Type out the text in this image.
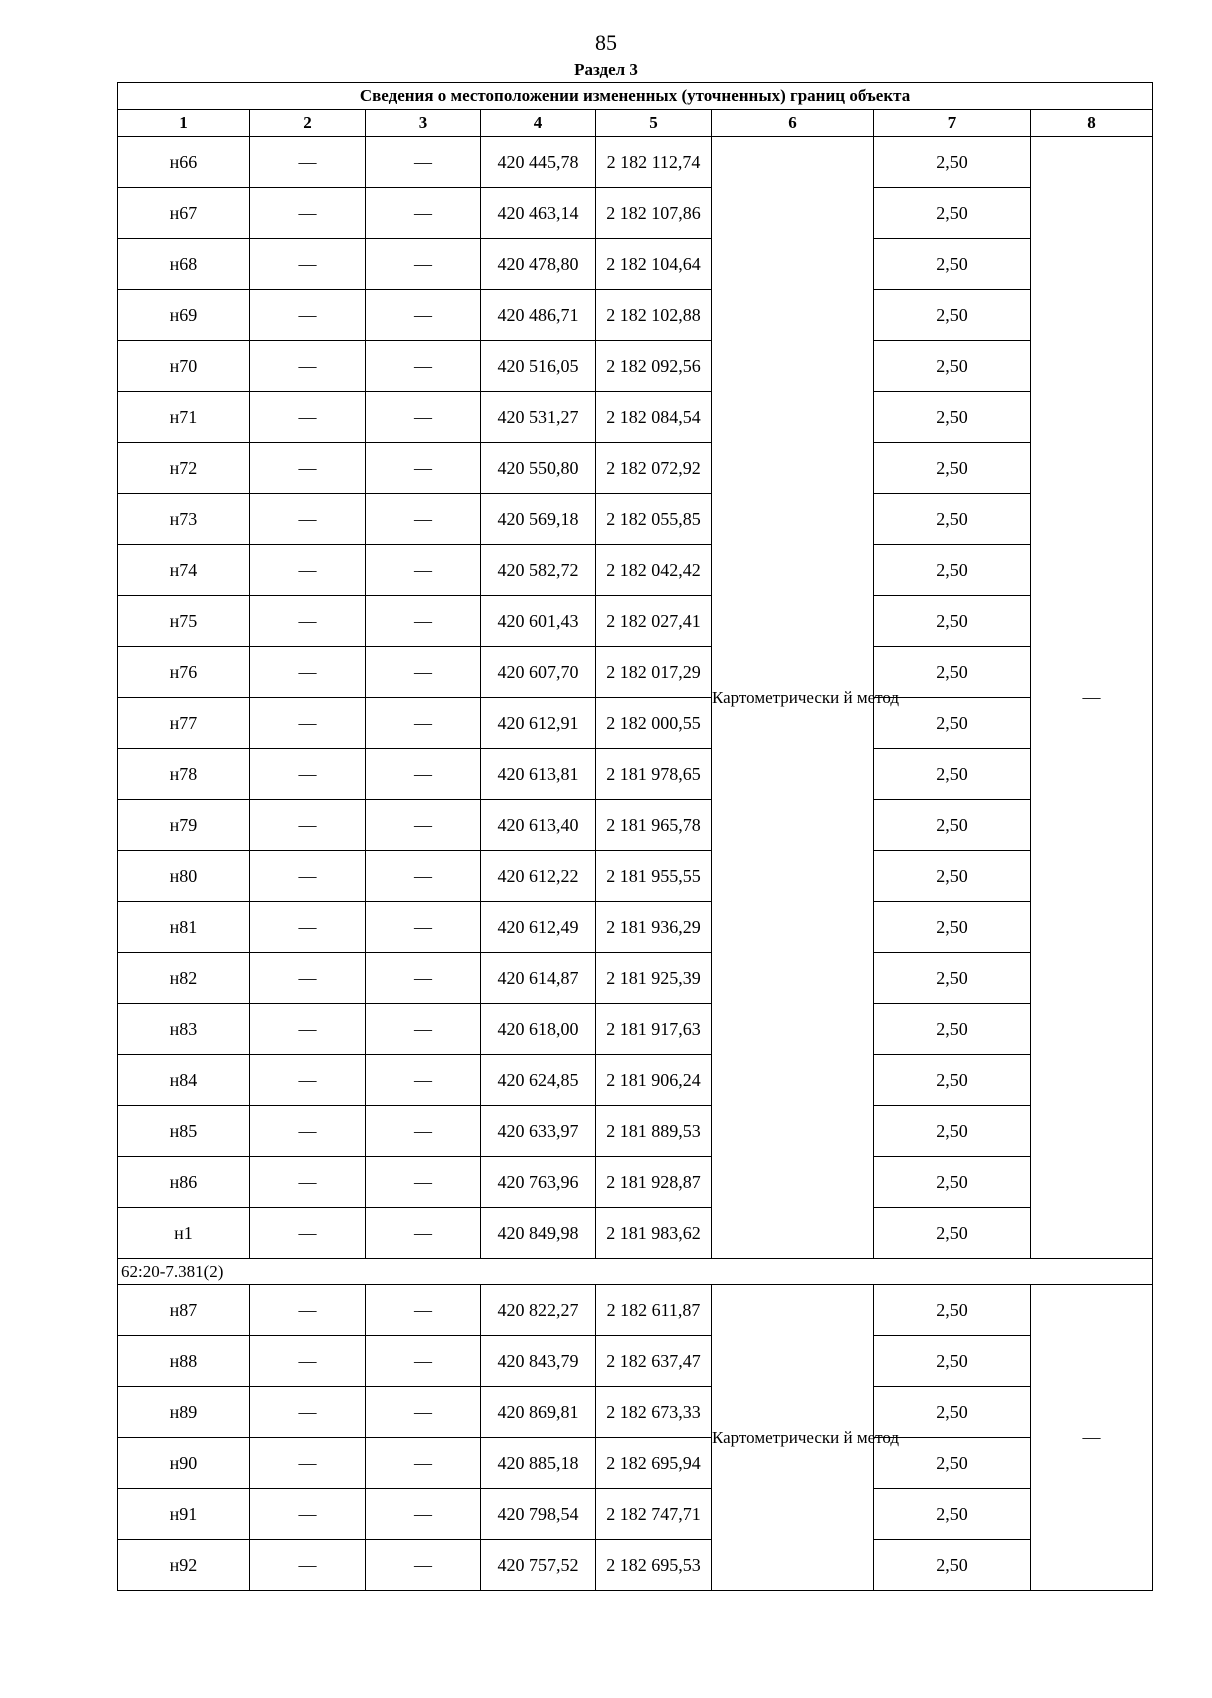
85
Раздел 3
Сведения о местоположении измененных (уточненных) границ объекта							
1	2	3	4	5	6	7	8
н66	—	—	420 445,78	2 182 112,74	Картометрически й метод	2,50	—
н67	—	—	420 463,14	2 182 107,86		2,50	
н68	—	—	420 478,80	2 182 104,64		2,50	
н69	—	—	420 486,71	2 182 102,88		2,50	
н70	—	—	420 516,05	2 182 092,56		2,50	
н71	—	—	420 531,27	2 182 084,54		2,50	
н72	—	—	420 550,80	2 182 072,92		2,50	
н73	—	—	420 569,18	2 182 055,85		2,50	
н74	—	—	420 582,72	2 182 042,42		2,50	
н75	—	—	420 601,43	2 182 027,41		2,50	
н76	—	—	420 607,70	2 182 017,29		2,50	
н77	—	—	420 612,91	2 182 000,55		2,50	
н78	—	—	420 613,81	2 181 978,65		2,50	
н79	—	—	420 613,40	2 181 965,78		2,50	
н80	—	—	420 612,22	2 181 955,55		2,50	
н81	—	—	420 612,49	2 181 936,29		2,50	
н82	—	—	420 614,87	2 181 925,39		2,50	
н83	—	—	420 618,00	2 181 917,63		2,50	
н84	—	—	420 624,85	2 181 906,24		2,50	
н85	—	—	420 633,97	2 181 889,53		2,50	
н86	—	—	420 763,96	2 181 928,87		2,50	
н1	—	—	420 849,98	2 181 983,62		2,50	
62:20-7.381(2)							
н87	—	—	420 822,27	2 182 611,87	Картометрически й метод	2,50	—
н88	—	—	420 843,79	2 182 637,47		2,50	
н89	—	—	420 869,81	2 182 673,33		2,50	
н90	—	—	420 885,18	2 182 695,94		2,50	
н91	—	—	420 798,54	2 182 747,71		2,50	
н92	—	—	420 757,52	2 182 695,53		2,50	
